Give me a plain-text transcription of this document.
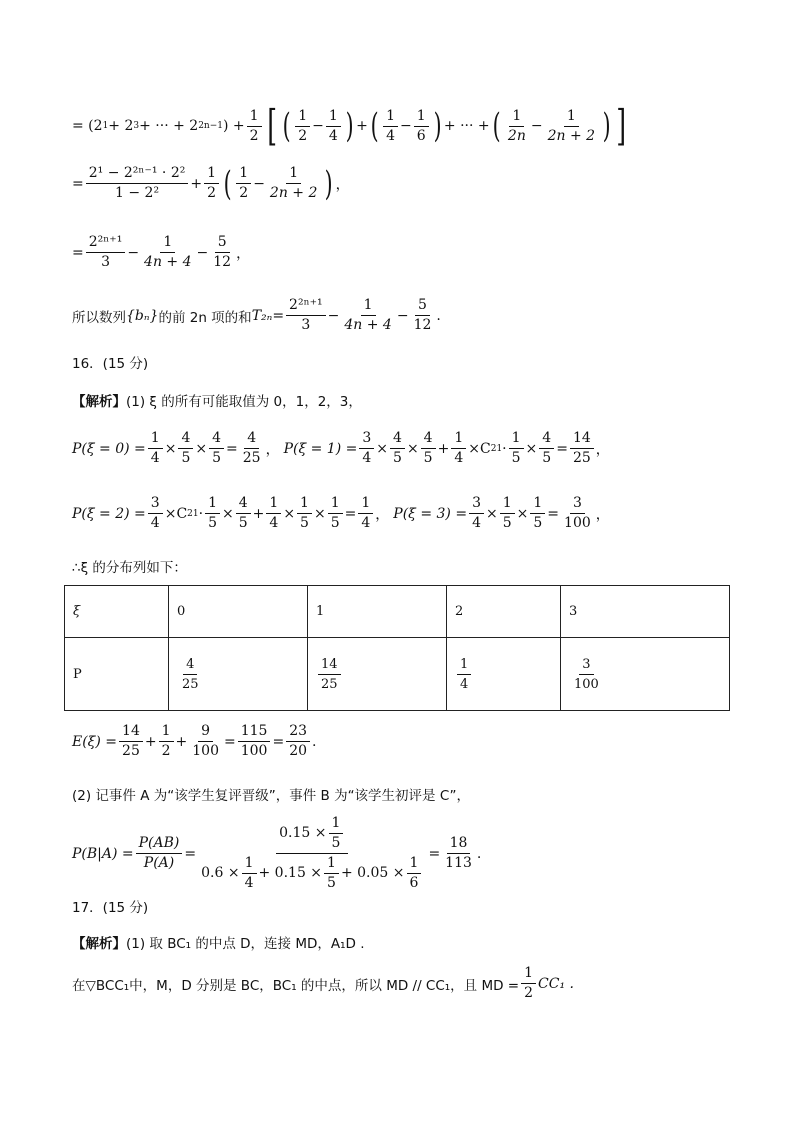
= (2 1 + 2 3 + ··· + 2 2n−1 ) + $\frac{1}{2}$ [ ( $\frac{1}{2} - \frac{1}{4}$ ) + ( $\frac{1}{4} - \frac{1}{6}$ ) + ··· + ( $\frac{1}{2n} - \frac{1}{2n + 2}$ ) ]
= $\frac{\text{2¹ − 2²ⁿ⁻¹ · 2²}}{\text{1 − 2²}} + \frac{1}{2}$ ( $\frac{1}{2} - \frac{1}{2n + 2}$ ) ，
= $\frac{\text{2²ⁿ⁺¹}}{3} - \frac{1}{4n + 4} - \frac{5}{12}$ ，
所以数列 {bₙ} 的前 2n 项的和 $T_{2n} = \frac{\text{2²ⁿ⁺¹}}{3} - \frac{1}{4n + 4} - \frac{5}{12}$ .
16．(15 分)
【解析】 (1) ξ 的所有可能取值为 0，1，2，3，
$P(\xi = 0) = \frac{1}{4} \times \frac{4}{5} \times \frac{4}{5} = \frac{4}{25}$ ， $P(\xi = 1) = \frac{3}{4} \times \frac{4}{5} \times \frac{4}{5} + \frac{1}{4} \times C$ 2 $1 \cdot \frac{1}{5} \times \frac{4}{5} = \frac{14}{25}$ ，
$P(\xi = 2) = \frac{3}{4} \times C$ 2 $1 \cdot \frac{1}{5} \times \frac{4}{5} + \frac{1}{4} \times \frac{1}{5} \times \frac{1}{5} = \frac{1}{4}$ ， $P(\xi = 3) = \frac{3}{4} \times \frac{1}{5} \times \frac{1}{5} = \frac{3}{100}$ ，
∴ξ 的分布列如下：
ξ	0	1	2	3
P	$\frac{4}{25}$	$\frac{14}{25}$	$\frac{1}{4}$	$\frac{3}{100}$
$E(\xi) = \frac{14}{25} + \frac{1}{2} + \frac{9}{100} = \frac{115}{100} = \frac{23}{20}$ .
(2) 记事件 A 为“该学生复评晋级”，事件 B 为“该学生初评是 C”，
$P(B|A) = \frac{P(AB)}{P(A)} = \frac{0.15 \times \frac{1}{5}}{0.6 \times \frac{1}{4} + 0.15 \times \frac{1}{5} + 0.05 \times \frac{1}{6}} = \frac{18}{113}$ .
17．(15 分)
【解析】 (1) 取 BC₁ 的中点 D，连接 MD，A₁D .
在▽BCC₁中，M，D 分别是 BC，BC₁ 的中点，所以 MD // CC₁，且 MD = $\frac{1}{2} CC_1$ .
